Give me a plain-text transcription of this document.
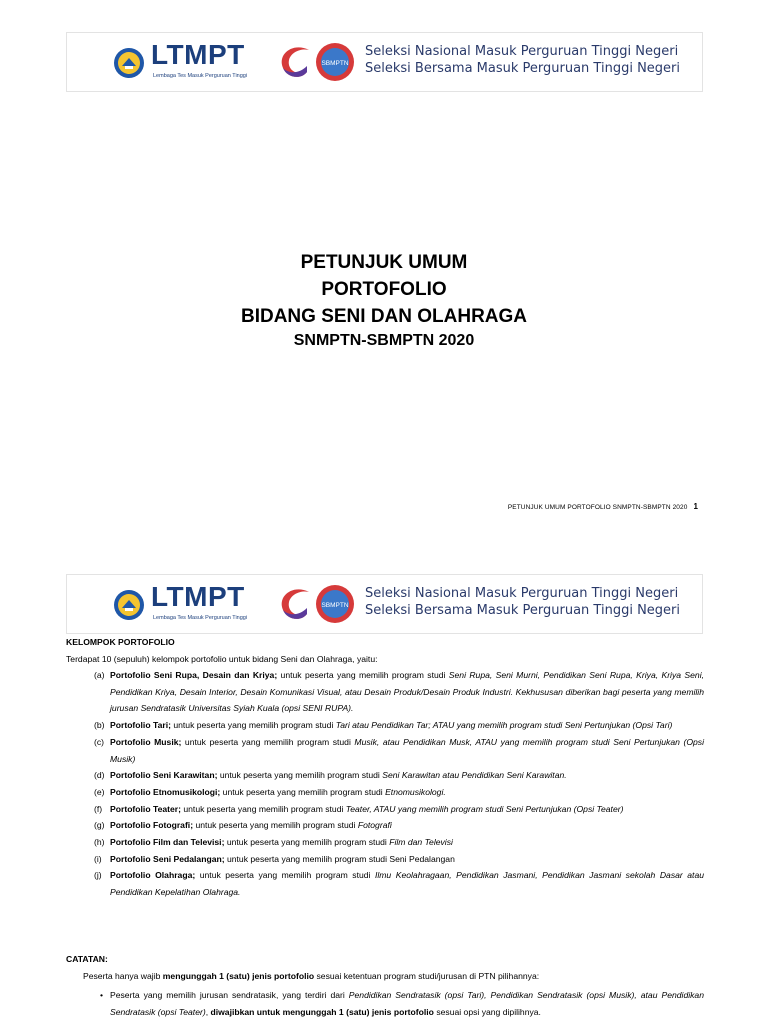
LTMPT
Lembaga Tes Masuk Perguruan Tinggi
SBMPTN
Seleksi Nasional Masuk Perguruan Tinggi Negeri
Seleksi Bersama Masuk Perguruan Tinggi Negeri
PETUNJUK UMUM
PORTOFOLIO
BIDANG SENI DAN OLAHRAGA
SNMPTN-SBMPTN 2020
PETUNJUK UMUM PORTOFOLIO SNMPTN-SBMPTN 2020 1
LTMPT
Lembaga Tes Masuk Perguruan Tinggi
SBMPTN
Seleksi Nasional Masuk Perguruan Tinggi Negeri
Seleksi Bersama Masuk Perguruan Tinggi Negeri
KELOMPOK PORTOFOLIO
Terdapat 10 (sepuluh) kelompok portofolio untuk bidang Seni dan Olahraga, yaitu:
(a) Portofolio Seni Rupa, Desain dan Kriya; untuk peserta yang memilih program studi Seni Rupa, Seni Murni, Pendidikan Seni Rupa, Kriya, Kriya Seni, Pendidikan Kriya, Desain Interior, Desain Komunikasi Visual, atau Desain Produk/Desain Produk Industri. Kekhususan diberikan bagi peserta yang memilih jurusan Sendratasik Universitas Syiah Kuala (opsi SENI RUPA).
(b) Portofolio Tari; untuk peserta yang memilih program studi Tari atau Pendidikan Tar; ATAU yang memilih program studi Seni Pertunjukan (Opsi Tari)
(c) Portofolio Musik; untuk peserta yang memilih program studi Musik, atau Pendidikan Musk, ATAU yang memilih program studi Seni Pertunjukan (Opsi Musik)
(d) Portofolio Seni Karawitan; untuk peserta yang memilih program studi Seni Karawitan atau Pendidikan Seni Karawitan.
(e) Portofolio Etnomusikologi; untuk peserta yang memilih program studi Etnomusikologi.
(f) Portofolio Teater; untuk peserta yang memilih program studi Teater, ATAU yang memilih program studi Seni Pertunjukan (Opsi Teater)
(g) Portofolio Fotografi; untuk peserta yang memilih program studi Fotografi
(h) Portofolio Film dan Televisi; untuk peserta yang memilih program studi Film dan Televisi
(i) Portofolio Seni Pedalangan; untuk peserta yang memilih program studi Seni Pedalangan
(j) Portofolio Olahraga; untuk peserta yang memilih program studi Ilmu Keolahragaan, Pendidikan Jasmani, Pendidikan Jasmani sekolah Dasar atau Pendidikan Kepelatihan Olahraga.
CATATAN:
Peserta hanya wajib mengunggah 1 (satu) jenis portofolio sesuai ketentuan program studi/jurusan di PTN pilihannya:
• Peserta yang memilih jurusan sendratasik, yang terdiri dari Pendidikan Sendratasik (opsi Tari), Pendidikan Sendratasik (opsi Musik), atau Pendidikan Sendratasik (opsi Teater), diwajibkan untuk mengunggah 1 (satu) jenis portofolio sesuai opsi yang dipilihnya.
